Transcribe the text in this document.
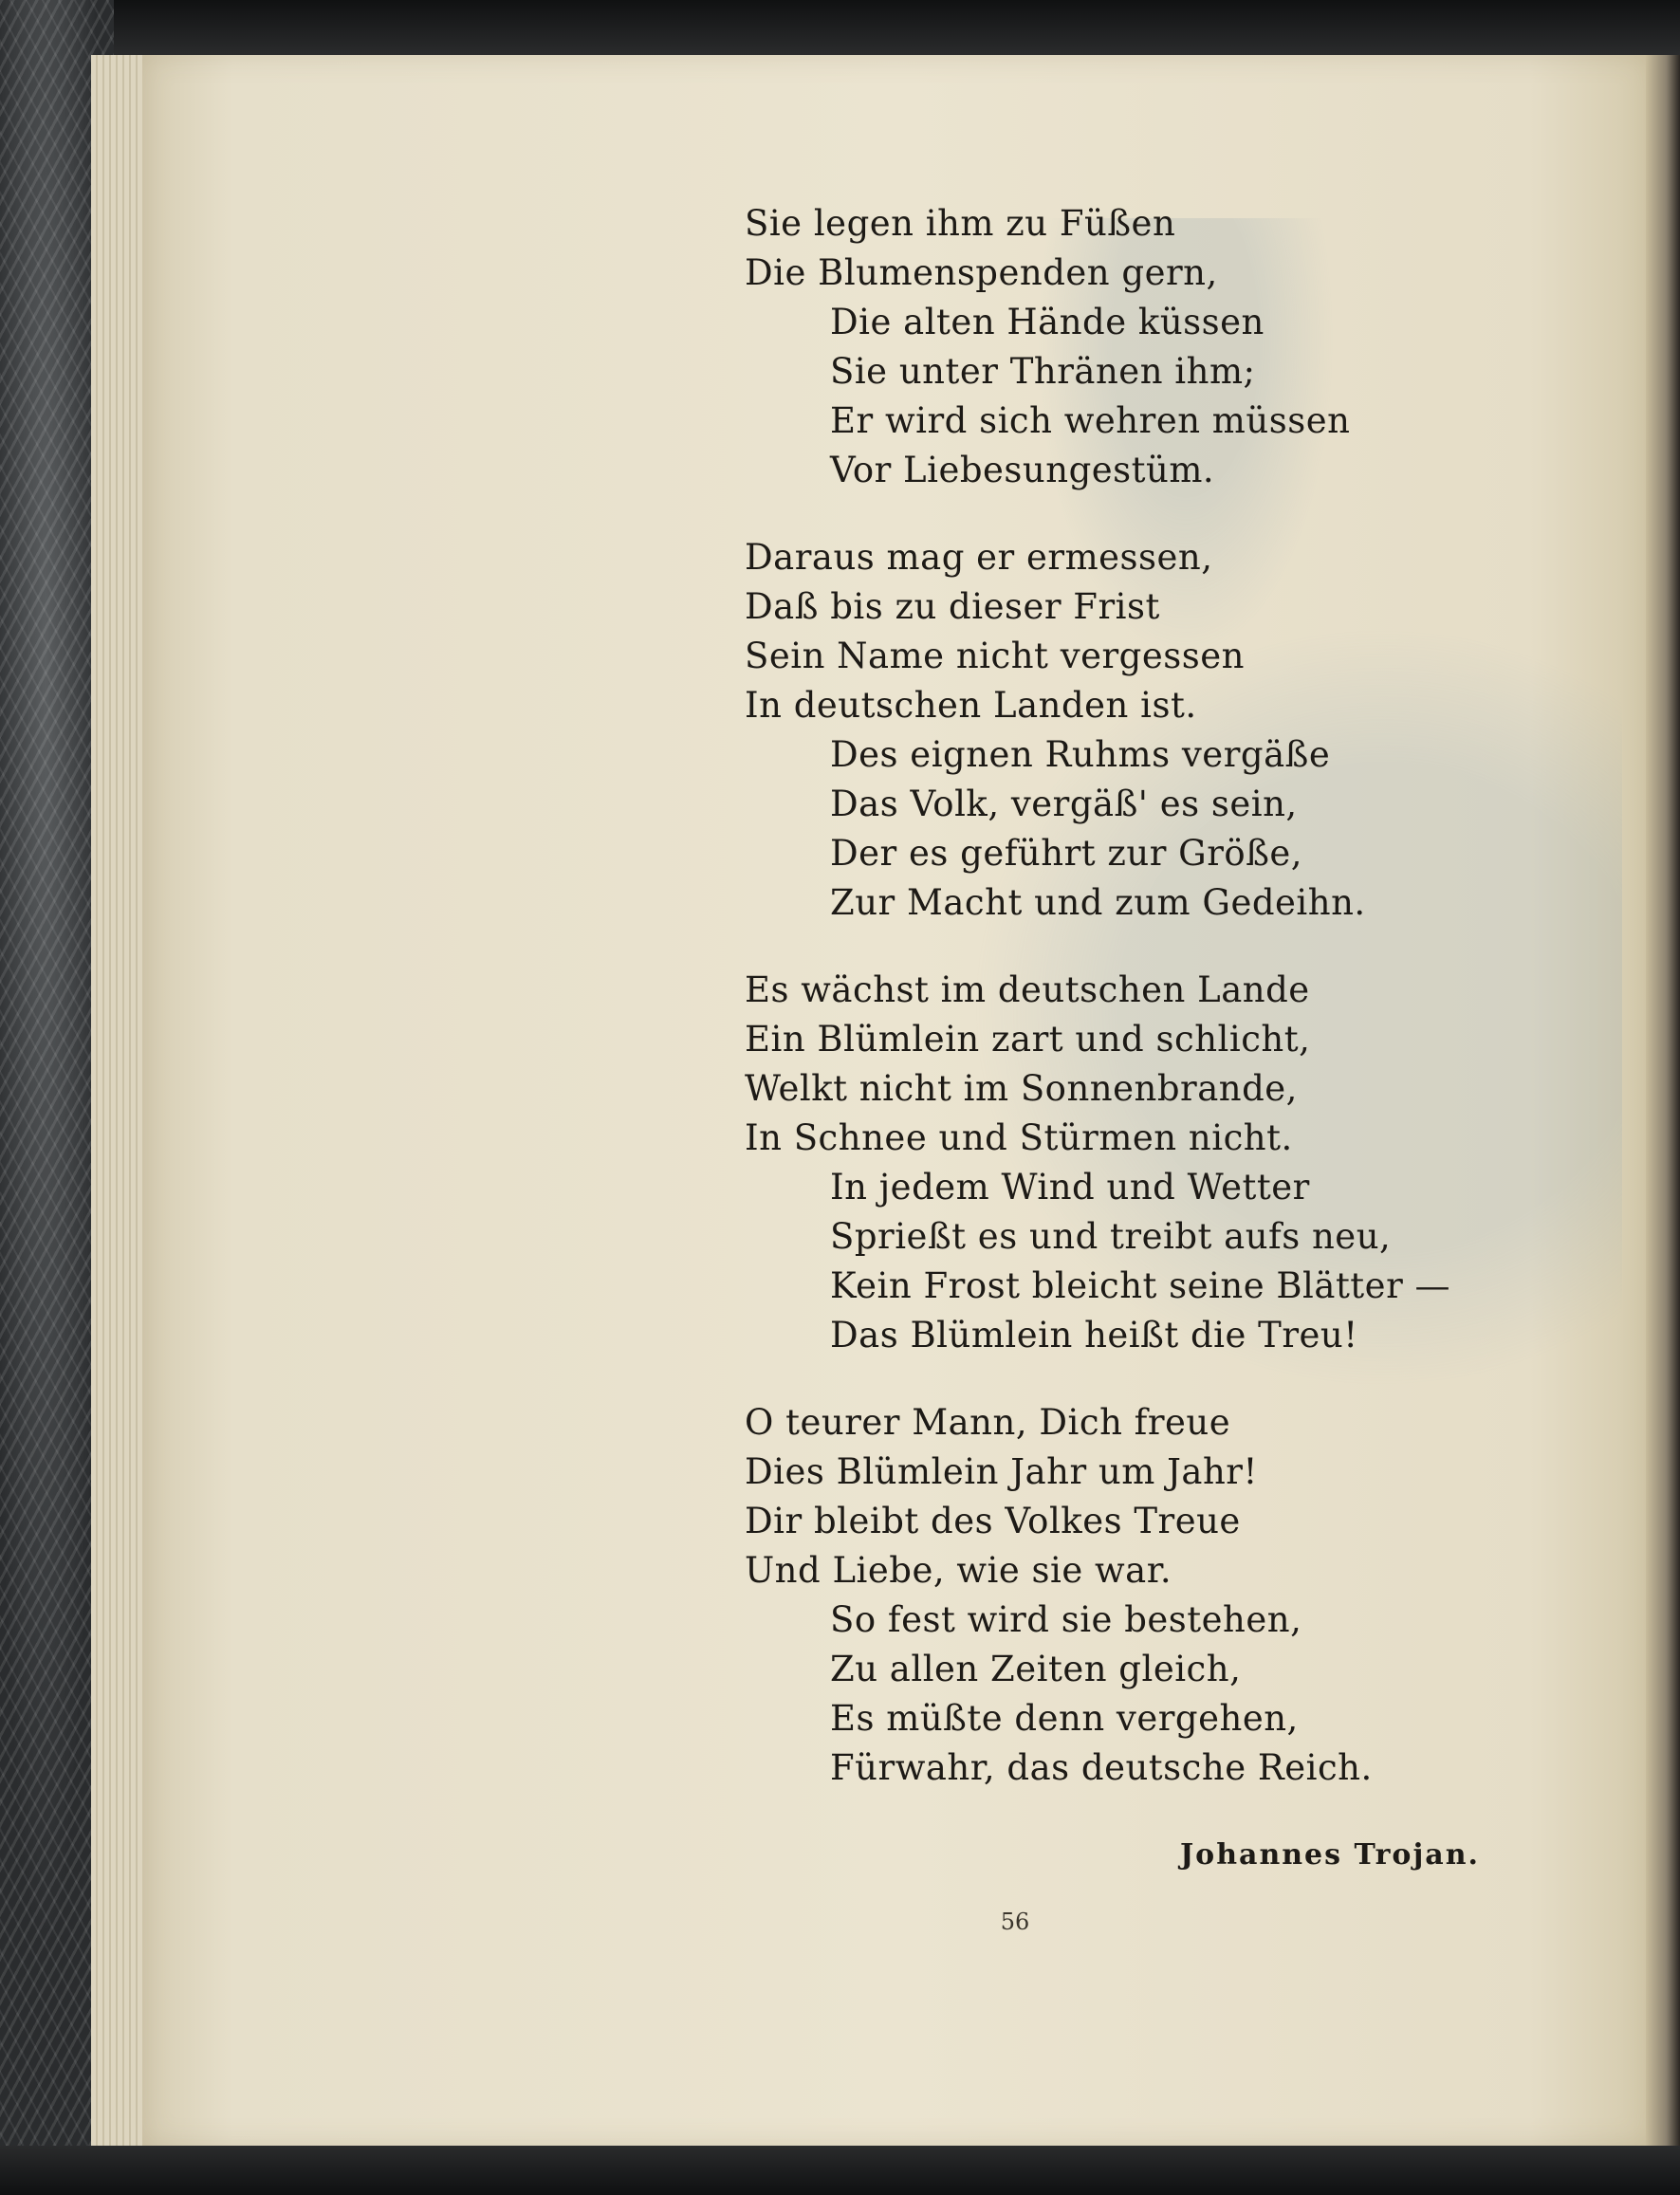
Sie legen ihm zu Füßen
Die Blumenspenden gern,
Die alten Hände küssen
Sie unter Thränen ihm;
Er wird sich wehren müssen
Vor Liebesungestüm.
Daraus mag er ermessen,
Daß bis zu dieser Frist
Sein Name nicht vergessen
In deutschen Landen ist.
Des eignen Ruhms vergäße
Das Volk, vergäß' es sein,
Der es geführt zur Größe,
Zur Macht und zum Gedeihn.
Es wächst im deutschen Lande
Ein Blümlein zart und schlicht,
Welkt nicht im Sonnenbrande,
In Schnee und Stürmen nicht.
In jedem Wind und Wetter
Sprießt es und treibt aufs neu,
Kein Frost bleicht seine Blätter —
Das Blümlein heißt die Treu!
O teurer Mann, Dich freue
Dies Blümlein Jahr um Jahr!
Dir bleibt des Volkes Treue
Und Liebe, wie sie war.
So fest wird sie bestehen,
Zu allen Zeiten gleich,
Es müßte denn vergehen,
Fürwahr, das deutsche Reich.
Johannes Trojan.
56
